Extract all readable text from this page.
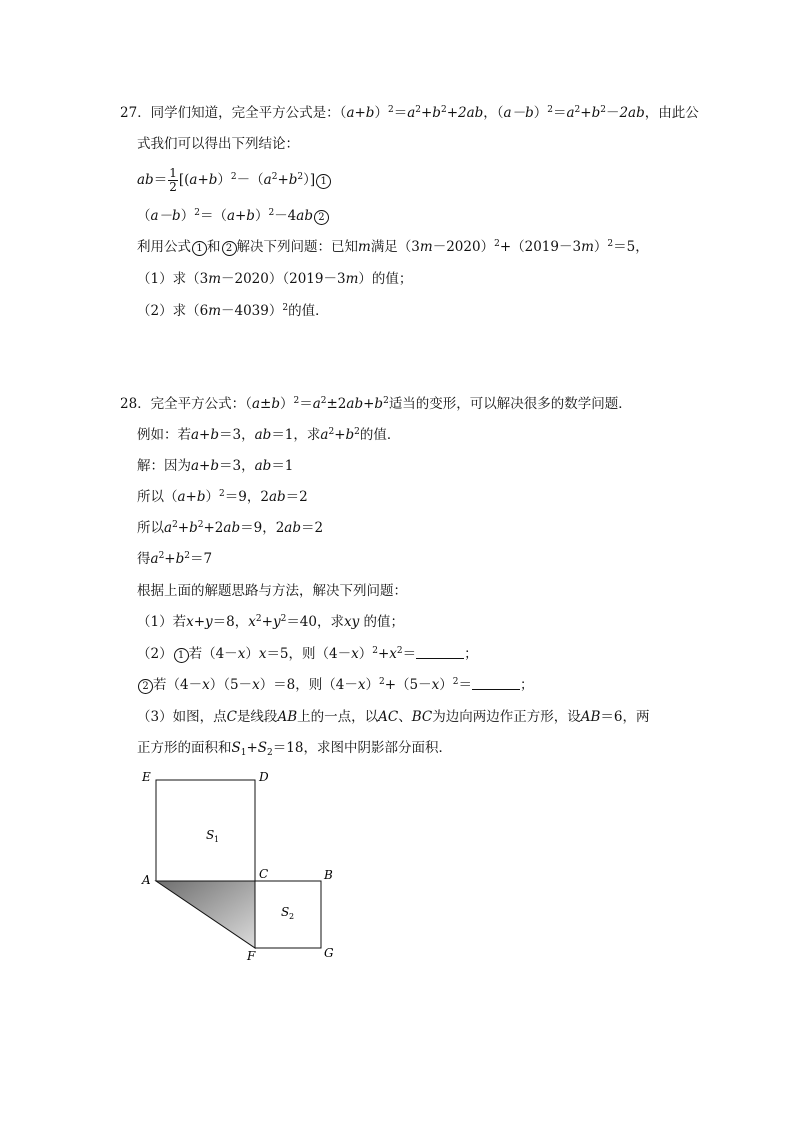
27．同学们知道，完全平方公式是：$(a+b)^2=a^2+b^2+2ab$，$(a-b)^2=a^2+b^2-2ab$，由此公
式我们可以得出下列结论：
$ab= \frac{1}{2} [(a+b)^2-(a^2+b^2)]$ 1
$(a-b)^2=(a+b)^2-4ab$ 2
利用公式 1 和 2 解决下列问题：已知m满足$(3m-2020)^2+(2019-3m)^2=5$，
（1）求（3m－2020）（2019－3m）的值；
（2）求$(6m-4039)^2$的值．
28．完全平方公式：$(a\pm b)^2=a^2\pm 2ab+b^2$适当的变形，可以解决很多的数学问题．
例如：若a+b＝3，ab＝1，求$a^2+b^2$的值．
解：因为a+b＝3，ab＝1
所以$(a+b)^2=9$，2ab＝2
所以$a^2+b^2+2ab=9$，2ab＝2
得$a^2+b^2=7$
根据上面的解题思路与方法，解决下列问题：
（1）若x+y＝8，$x^2+y^2=40$，求xy 的值；
（2） 1 若（4－x）x＝5，则$(4-x)^2+x^2=$	；
2 若（4－x）（5－x）＝8，则$(4-x)^2+(5-x)^2=$	；
（3）如图，点C是线段AB上的一点，以AC、BC为边向两边作正方形，设AB＝6，两
正方形的面积和$S_1+S_2=18$，求图中阴影部分面积．
E	D
A	C	B
F	G
S 1
S 2
